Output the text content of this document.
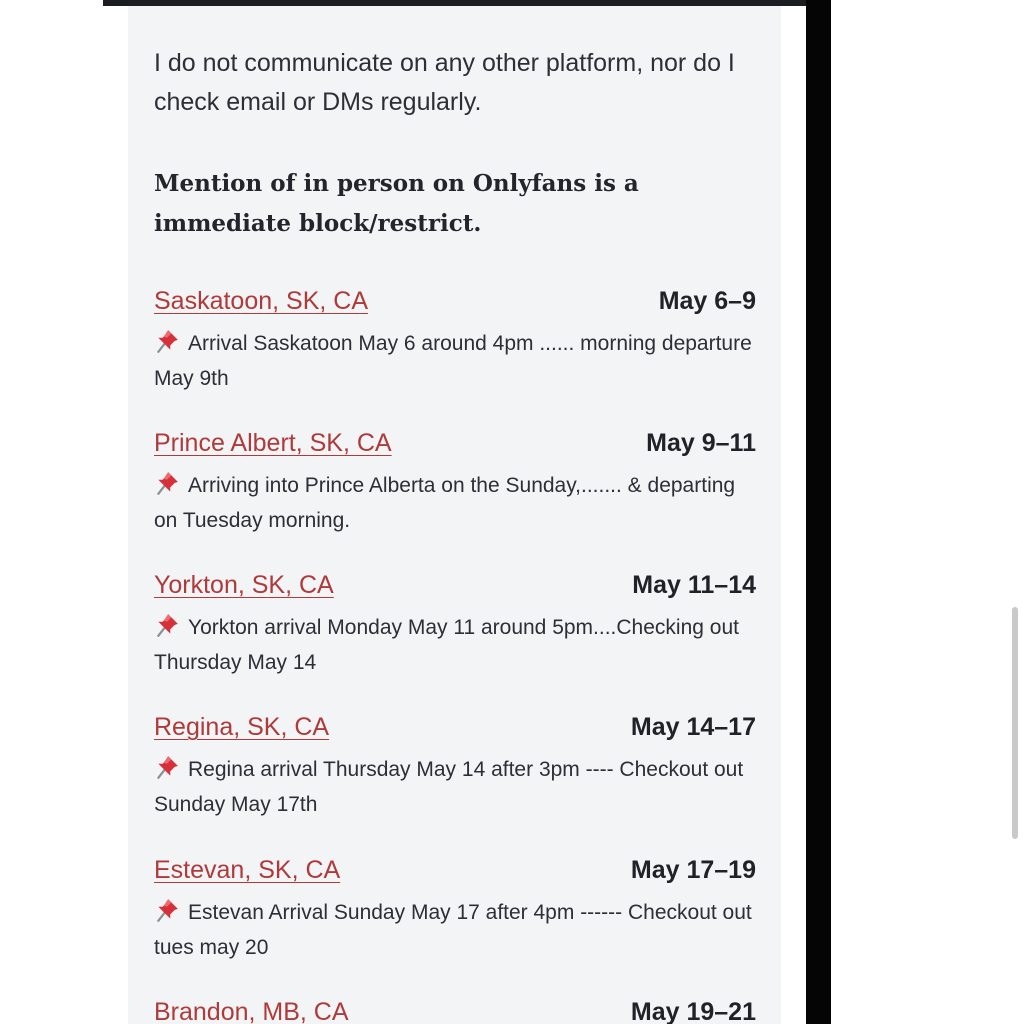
I do not communicate on any other platform, nor do I check email or DMs regularly.
Mention of in person on Onlyfans is a immediate block/restrict.
Saskatoon, SK, CA	May 6–9
Arrival Saskatoon May 6 around 4pm ...... morning departure May 9th
Prince Albert, SK, CA	May 9–11
Arriving into Prince Alberta on the Sunday,....... & departing on Tuesday morning.
Yorkton, SK, CA	May 11–14
Yorkton arrival Monday May 11 around 5pm....Checking out Thursday May 14
Regina, SK, CA	May 14–17
Regina arrival Thursday May 14 after 3pm ---- Checkout out Sunday May 17th
Estevan, SK, CA	May 17–19
Estevan Arrival Sunday May 17 after 4pm ------ Checkout out tues may 20
Brandon, MB, CA	May 19–21
